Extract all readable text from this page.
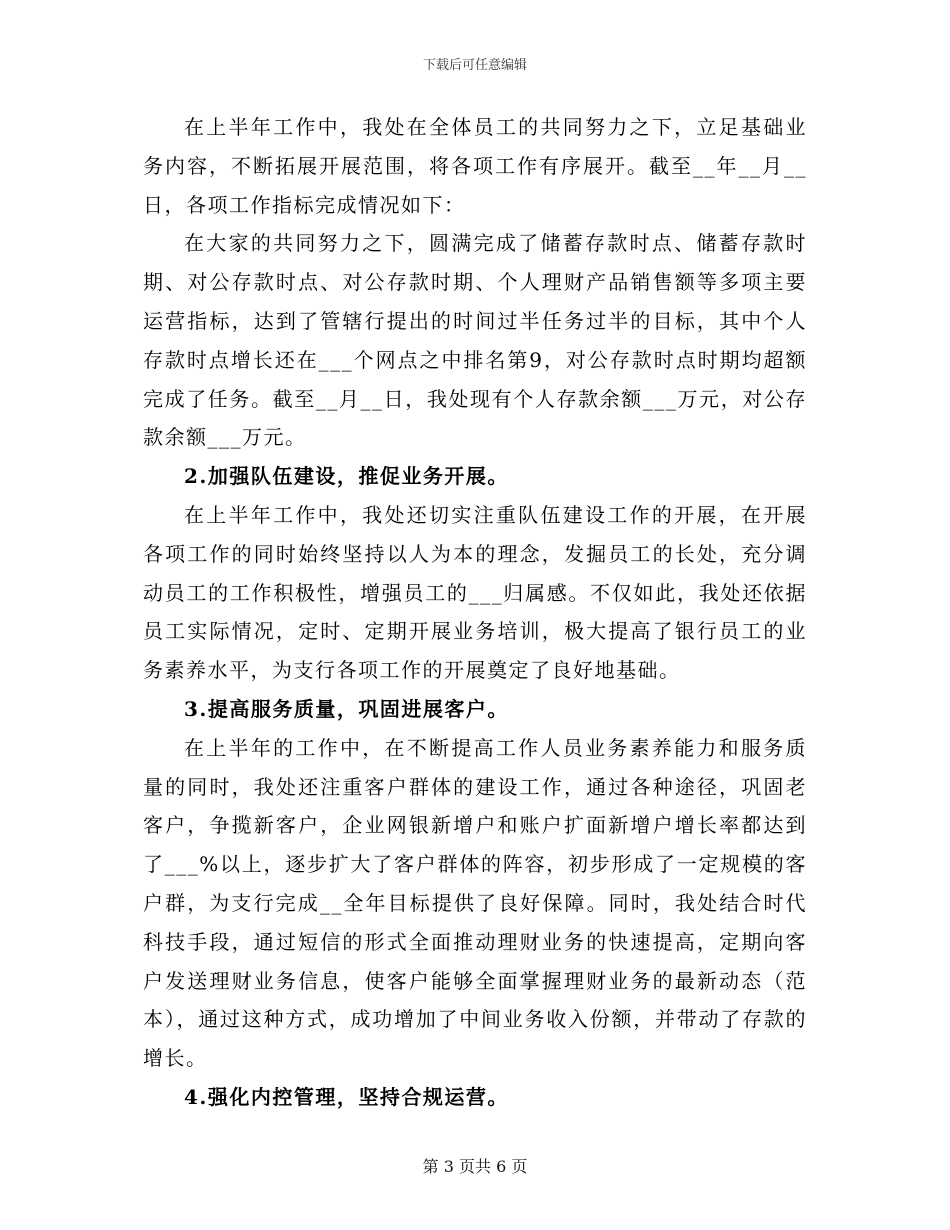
下载后可任意编辑

在上半年工作中，我处在全体员工的共同努力之下，立足基础业务内容，不断拓展开展范围，将各项工作有序展开。截至__年__月__日，各项工作指标完成情况如下：

在大家的共同努力之下，圆满完成了储蓄存款时点、储蓄存款时期、对公存款时点、对公存款时期、个人理财产品销售额等多项主要运营指标，达到了管辖行提出的时间过半任务过半的目标，其中个人存款时点增长还在___个网点之中排名第9，对公存款时点时期均超额完成了任务。截至__月__日，我处现有个人存款余额___万元，对公存款余额___万元。

2.加强队伍建设，推促业务开展。

在上半年工作中，我处还切实注重队伍建设工作的开展，在开展各项工作的同时始终坚持以人为本的理念，发掘员工的长处，充分调动员工的工作积极性，增强员工的___归属感。不仅如此，我处还依据员工实际情况，定时、定期开展业务培训，极大提高了银行员工的业务素养水平，为支行各项工作的开展奠定了良好地基础。

3.提高服务质量，巩固进展客户。

在上半年的工作中，在不断提高工作人员业务素养能力和服务质量的同时，我处还注重客户群体的建设工作，通过各种途径，巩固老客户，争揽新客户，企业网银新增户和账户扩面新增户增长率都达到了___%以上，逐步扩大了客户群体的阵容，初步形成了一定规模的客户群，为支行完成__全年目标提供了良好保障。同时，我处结合时代科技手段，通过短信的形式全面推动理财业务的快速提高，定期向客户发送理财业务信息，使客户能够全面掌握理财业务的最新动态（范本），通过这种方式，成功增加了中间业务收入份额，并带动了存款的增长。

4.强化内控管理，坚持合规运营。

第 3 页共 6 页
